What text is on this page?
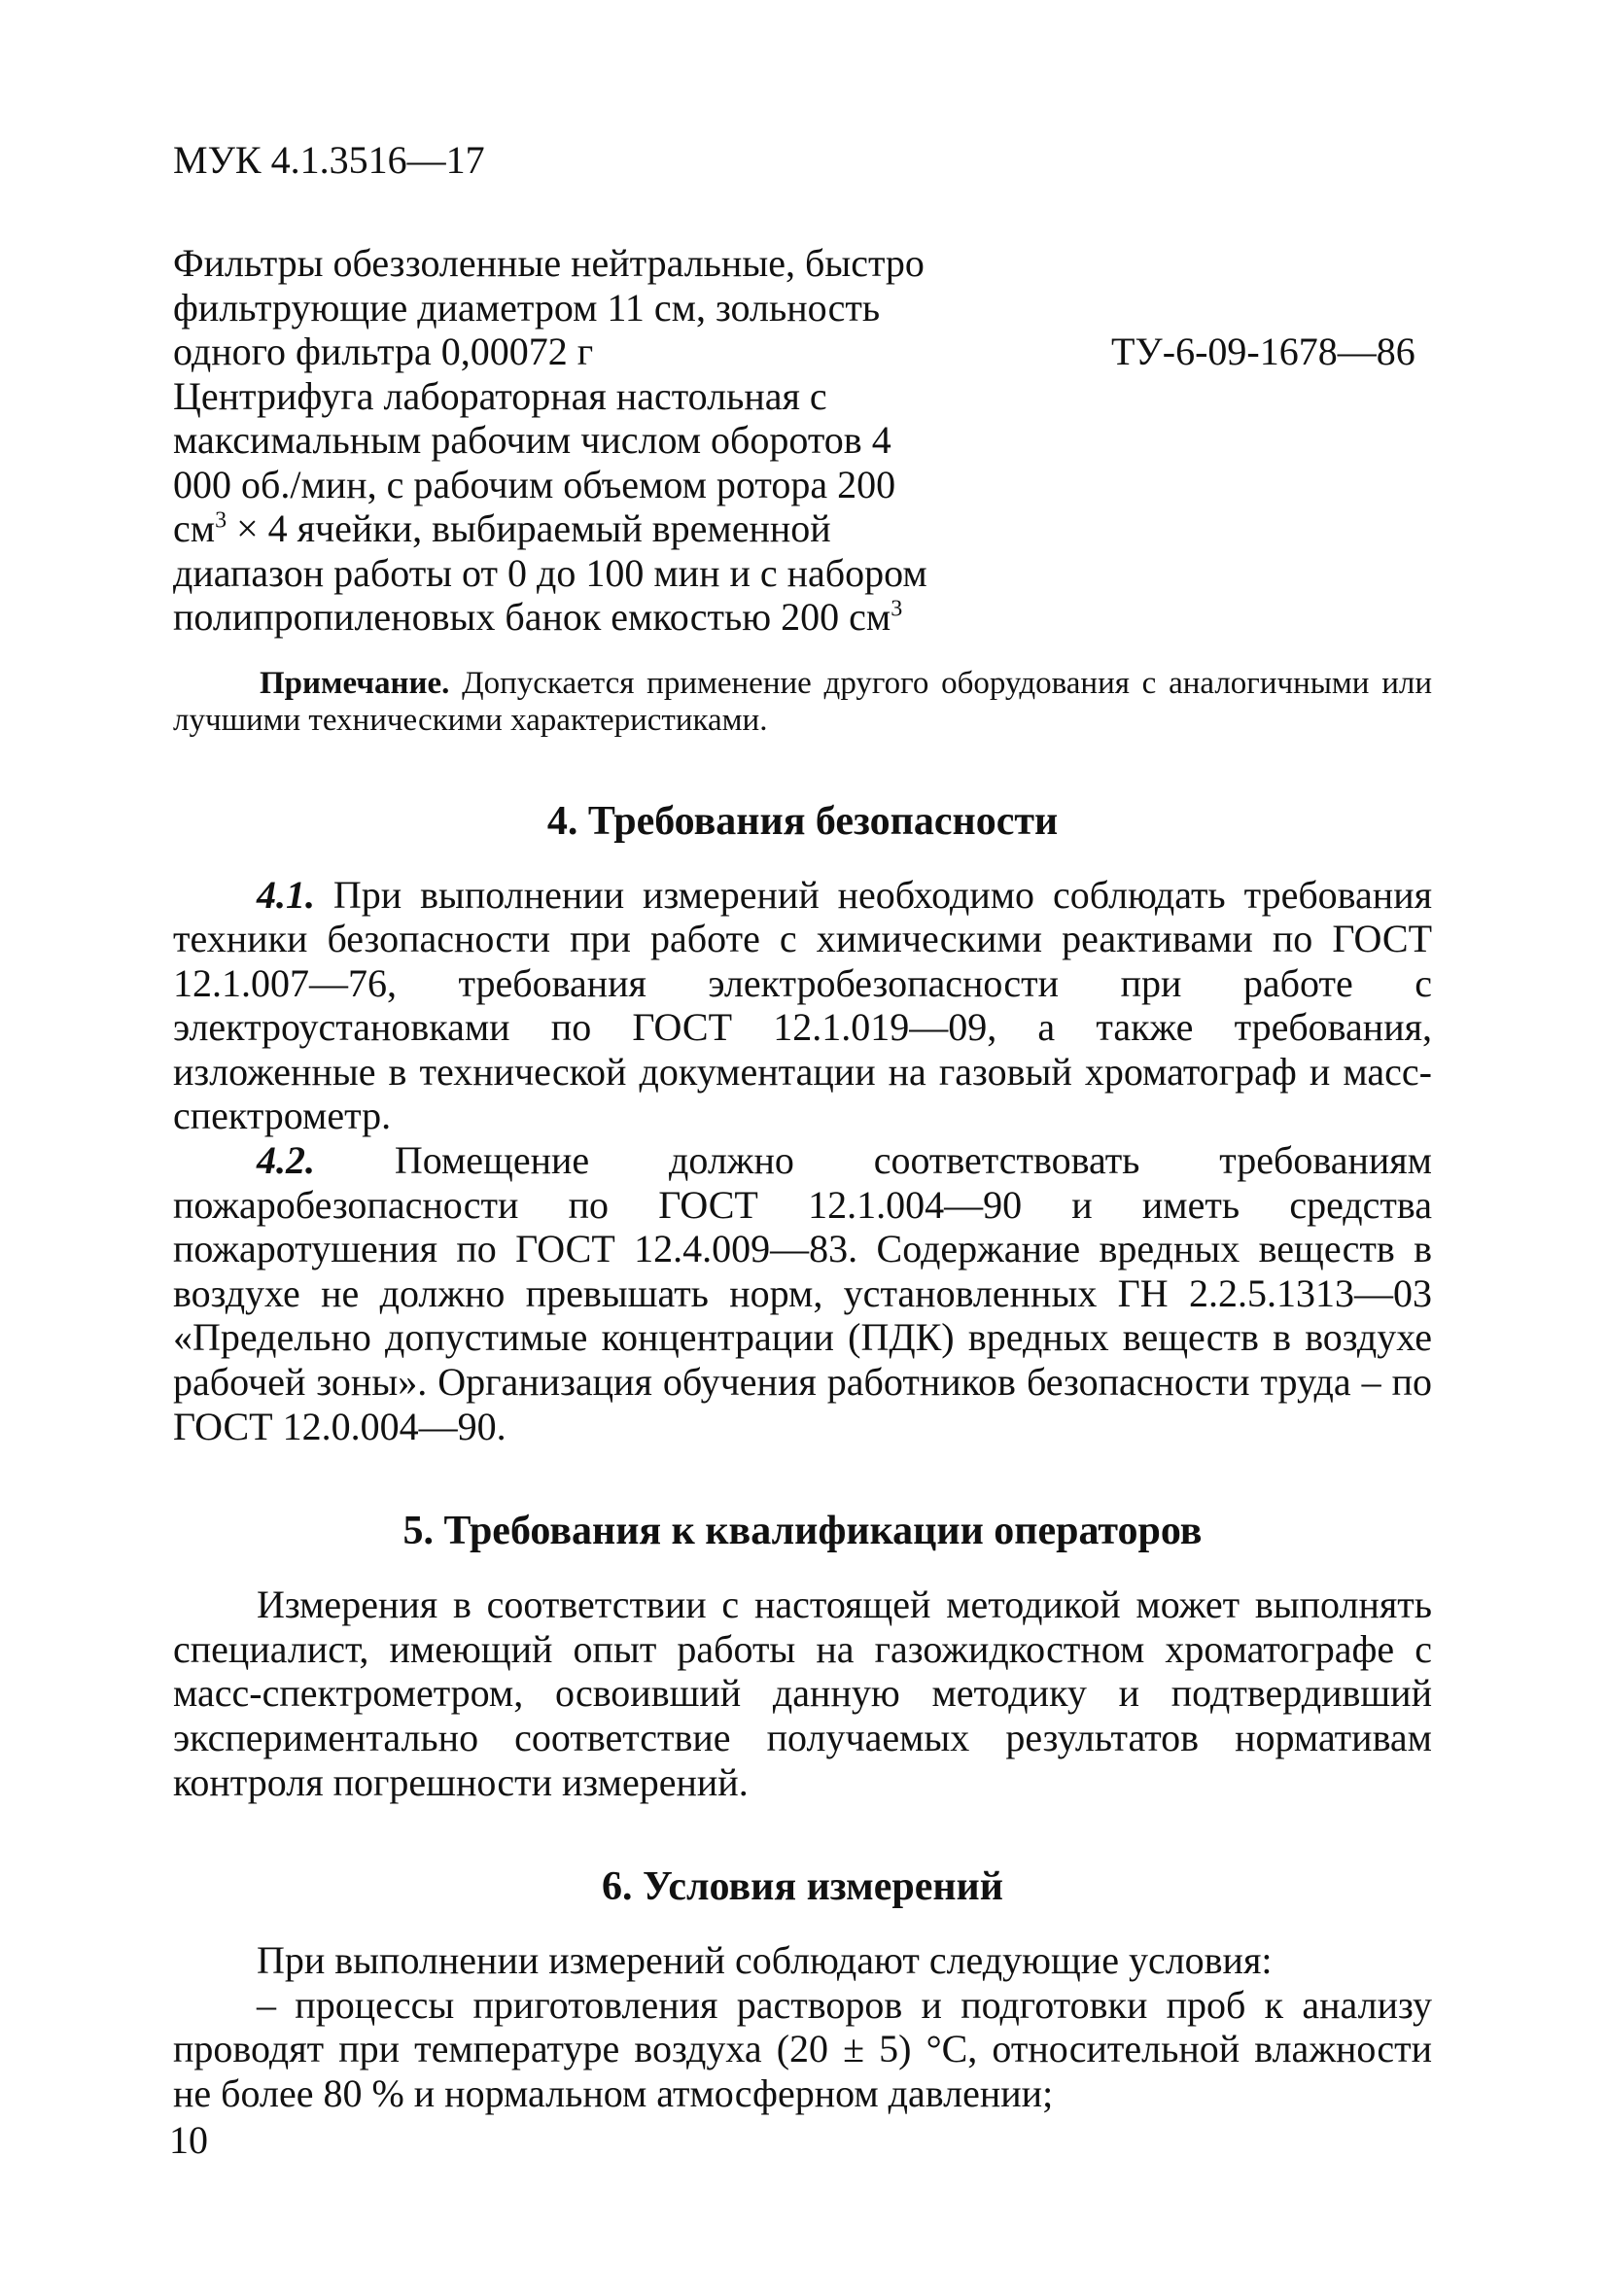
МУК 4.1.3516—17
Фильтры обеззоленные нейтральные, быстро фильтрующие диаметром 11 см, зольность одного фильтра 0,00072 г	ТУ-6-09-1678—86
Центрифуга лабораторная настольная с максимальным рабочим числом оборотов 4 000 об./мин, с рабочим объемом ротора 200 $см^3 \times 4$ ячейки, выбираемый временной диапазон работы от 0 до 100 мин и с набором полипропиленовых банок емкостью 200 $см^3$
Примечание. Допускается применение другого оборудования с аналогичными или лучшими техническими характеристиками.
4. Требования безопасности

4.1. При выполнении измерений необходимо соблюдать требования техники безопасности при работе с химическими реактивами по ГОСТ 12.1.007—76, требования электробезопасности при работе с электроустановками по ГОСТ 12.1.019—09, а также требования, изложенные в технической документации на газовый хроматограф и масс-спектрометр.

4.2. Помещение должно соответствовать требованиям пожаробезопасности по ГОСТ 12.1.004—90 и иметь средства пожаротушения по ГОСТ 12.4.009—83. Содержание вредных веществ в воздухе не должно превышать норм, установленных ГН 2.2.5.1313—03 «Предельно допустимые концентрации (ПДК) вредных веществ в воздухе рабочей зоны». Организация обучения работников безопасности труда – по ГОСТ 12.0.004—90.

5. Требования к квалификации операторов

Измерения в соответствии с настоящей методикой может выполнять специалист, имеющий опыт работы на газожидкостном хроматографе с масс-спектрометром, освоивший данную методику и подтвердивший экспериментально соответствие получаемых результатов нормативам контроля погрешности измерений.

6. Условия измерений

При выполнении измерений соблюдают следующие условия:

– процессы приготовления растворов и подготовки проб к анализу проводят при температуре воздуха (20 ± 5) °С, относительной влажности не более 80 % и нормальном атмосферном давлении;

10
